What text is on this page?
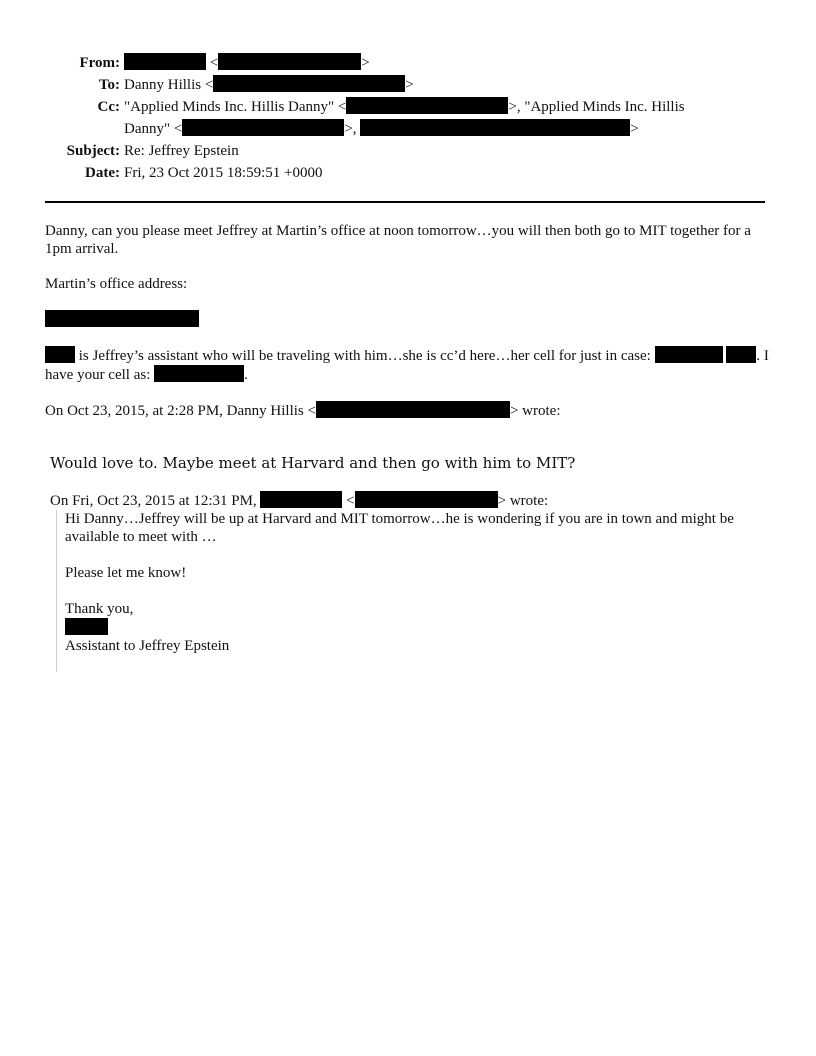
From:	<	>
To: Danny Hillis <	>
Cc: "Applied Minds Inc. Hillis Danny" <	>, "Applied Minds Inc. Hillis Danny" <	>,	>
Subject: Re: Jeffrey Epstein
Date: Fri, 23 Oct 2015 18:59:51 +0000

Danny, can you please meet Jeffrey at Martin’s office at noon tomorrow…you will then both go to MIT together for a 1pm arrival.

Martin’s office address:

is Jeffrey’s assistant who will be traveling with him…she is cc’d here…her cell for just in case:	. I have your cell as:	.

On Oct 23, 2015, at 2:28 PM, Danny Hillis <	> wrote:

Would love to. Maybe meet at Harvard and then go with him to MIT?
On Fri, Oct 23, 2015 at 12:31 PM,	<	> wrote:

Hi Danny…Jeffrey will be up at Harvard and MIT tomorrow…he is wondering if you are in town and might be available to meet with …

Please let me know!

Thank you,
Assistant to Jeffrey Epstein
